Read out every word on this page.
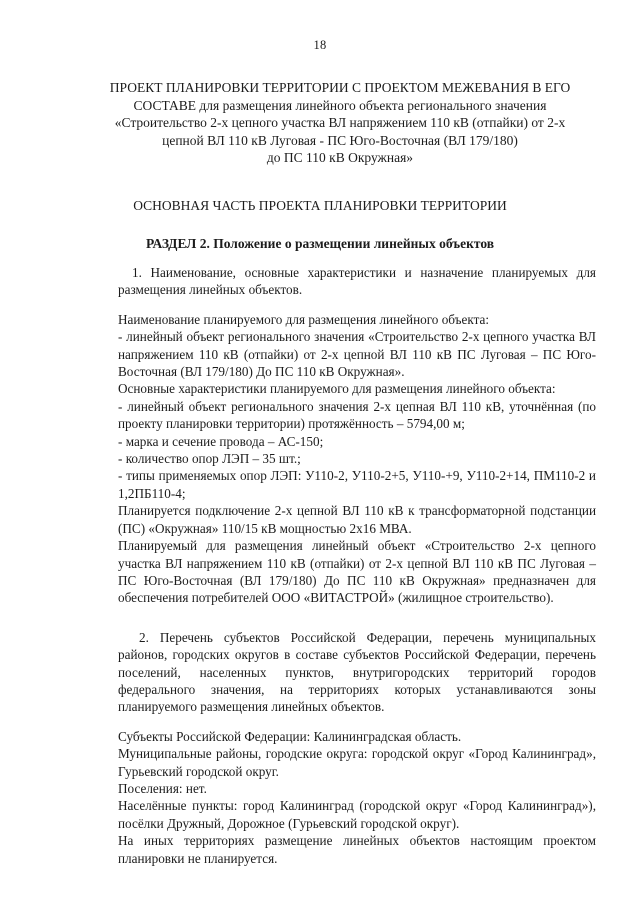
18
ПРОЕКТ ПЛАНИРОВКИ ТЕРРИТОРИИ С ПРОЕКТОМ МЕЖЕВАНИЯ В ЕГО
СОСТАВЕ для размещения линейного объекта регионального значения
«Строительство 2-х цепного участка ВЛ напряжением 110 кВ (отпайки) от 2-х
цепной ВЛ 110 кВ Луговая - ПС Юго-Восточная (ВЛ 179/180)
до ПС 110 кВ Окружная»
ОСНОВНАЯ ЧАСТЬ ПРОЕКТА ПЛАНИРОВКИ ТЕРРИТОРИИ
РАЗДЕЛ 2. Положение о размещении линейных объектов

1. Наименование, основные характеристики и назначение планируемых для размещения линейных объектов.

Наименование планируемого для размещения линейного объекта:

- линейный объект регионального значения «Строительство 2-х цепного участка ВЛ напряжением 110 кВ (отпайки) от 2-х цепной ВЛ 110 кВ ПС Луговая – ПС Юго-Восточная (ВЛ 179/180) До ПС 110 кВ Окружная».

Основные характеристики планируемого для размещения линейного объекта:

- линейный объект регионального значения 2-х цепная ВЛ 110 кВ, уточнённая (по проекту планировки территории) протяжённость – 5794,00 м;

- марка и сечение провода – АС-150;

- количество опор ЛЭП – 35 шт.;

- типы применяемых опор ЛЭП: У110-2, У110-2+5, У110-+9, У110-2+14, ПМ110-2 и 1,2ПБ110-4;

Планируется подключение 2-х цепной ВЛ 110 кВ к трансформаторной подстанции (ПС) «Окружная» 110/15 кВ мощностью 2х16 МВА.

Планируемый для размещения линейный объект «Строительство 2-х цепного участка ВЛ напряжением 110 кВ (отпайки) от 2-х цепной ВЛ 110 кВ ПС Луговая – ПС Юго-Восточная (ВЛ 179/180) До ПС 110 кВ Окружная» предназначен для обеспечения потребителей ООО «ВИТАСТРОЙ» (жилищное строительство).

2. Перечень субъектов Российской Федерации, перечень муниципальных районов, городских округов в составе субъектов Российской Федерации, перечень поселений, населенных пунктов, внутригородских территорий городов федерального значения, на территориях которых устанавливаются зоны планируемого размещения линейных объектов.

Субъекты Российской Федерации: Калининградская область.

Муниципальные районы, городские округа: городской округ «Город Калининград», Гурьевский городской округ.

Поселения: нет.

Населённые пункты: город Калининград (городской округ «Город Калининград»), посёлки Дружный, Дорожное (Гурьевский городской округ).

На иных территориях размещение линейных объектов настоящим проектом планировки не планируется.
